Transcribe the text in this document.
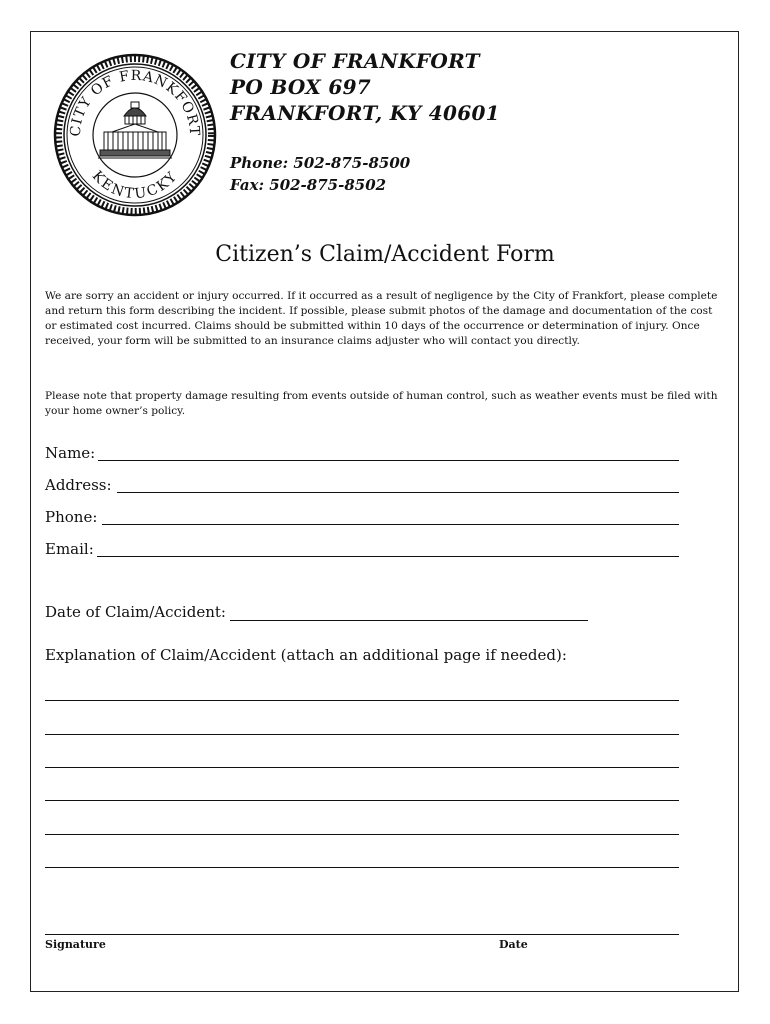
CITY OF FRANKFORT
KENTUCKY
CITY OF FRANKFORT
PO BOX 697
FRANKFORT, KY 40601
Phone: 502-875-8500
Fax: 502-875-8502
Citizen’s Claim/Accident Form

We are sorry an accident or injury occurred. If it occurred as a result of negligence by the City of Frankfort, please complete and return this form describing the incident. If possible, please submit photos of the damage and documentation of the cost or estimated cost incurred. Claims should be submitted within 10 days of the occurrence or determination of injury. Once received, your form will be submitted to an insurance claims adjuster who will contact you directly.

Please note that property damage resulting from events outside of human control, such as weather events must be filed with your home owner’s policy.

Name:
Address:
Phone:
Email:
Date of Claim/Accident:
Explanation of Claim/Accident (attach an additional page if needed):
Signature	Date
